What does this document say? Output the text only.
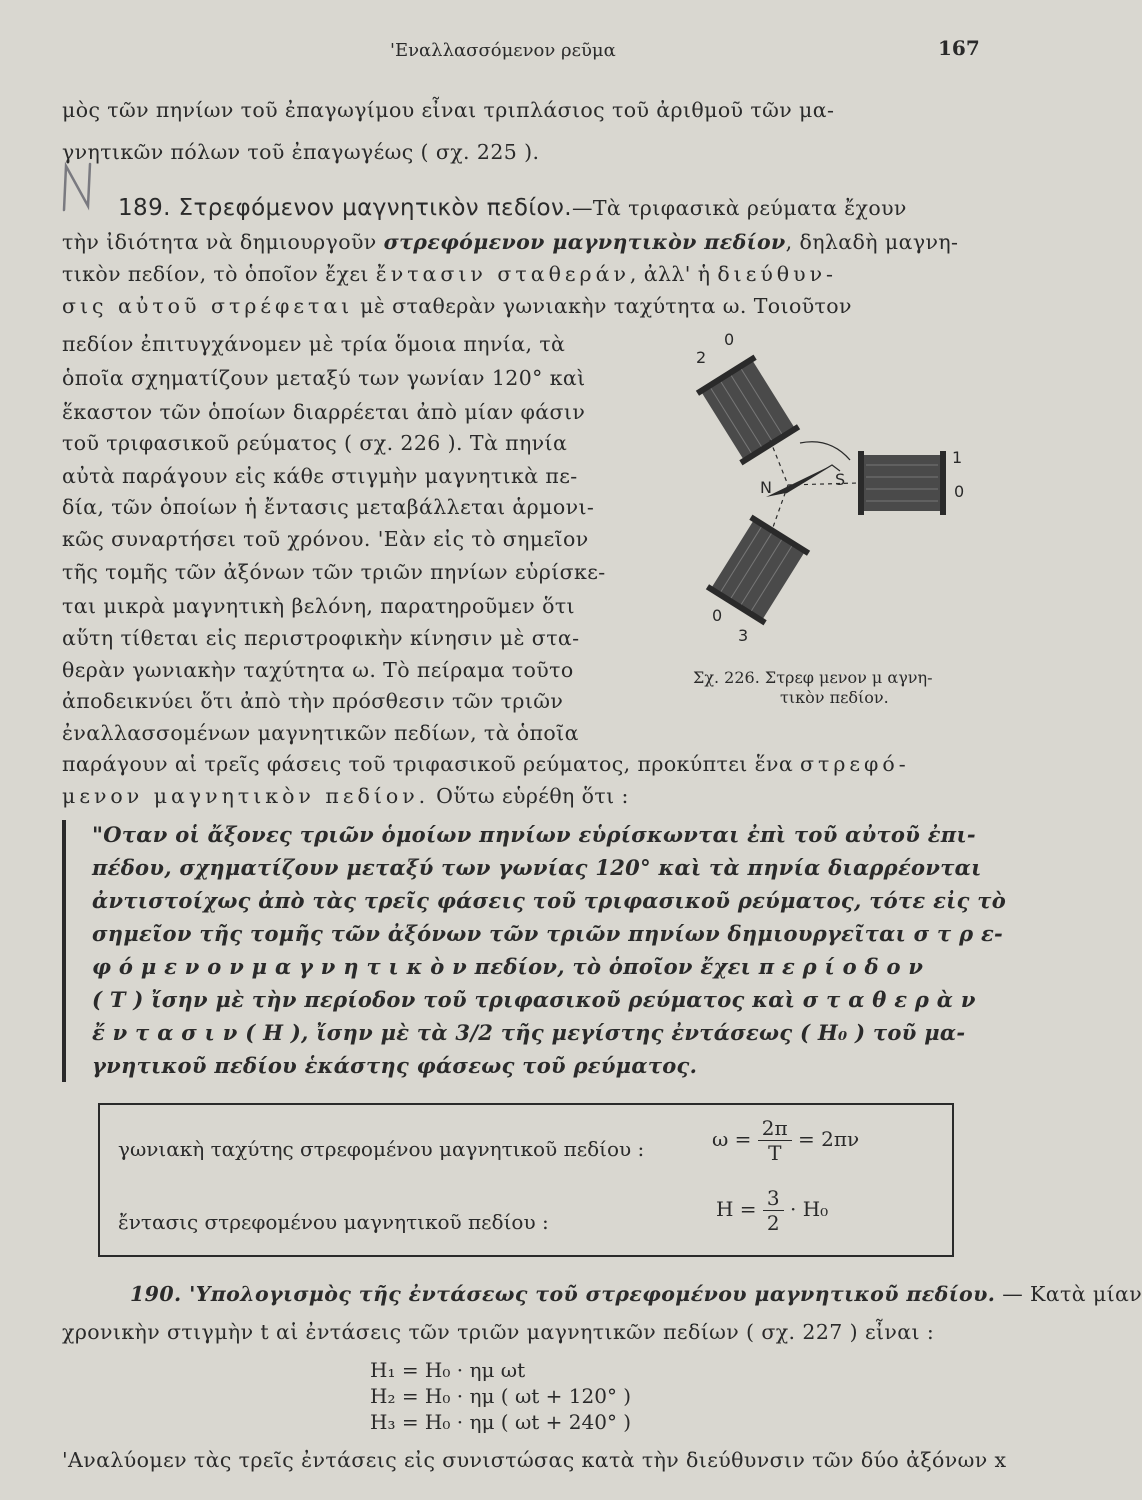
'Εναλλασσόμενον ρεῦμα	167
μὸς τῶν πηνίων τοῦ ἐπαγωγίμου εἶναι τριπλάσιος τοῦ ἀριθμοῦ τῶν μα-
γνητικῶν πόλων τοῦ ἐπαγωγέως ( σχ. 225 ).
189. Στρεφόμενον μαγνητικὸν πεδίον.—Τὰ τριφασικὰ ρεύματα ἔχουν
τὴν ἰδιότητα νὰ δημιουργοῦν στρεφόμενον μαγνητικὸν πεδίον, δηλαδὴ μαγνη-
τικὸν πεδίον, τὸ ὁποῖον ἔχει ἔντασιν σταθεράν, ἀλλ' ἡ διεύθυν-
σις αὐτοῦ στρέφεται μὲ σταθερὰν γωνιακὴν ταχύτητα ω. Τοιοῦτον
πεδίον ἐπιτυγχάνομεν μὲ τρία ὅμοια πηνία, τὰ
ὁποῖα σχηματίζουν μεταξύ των γωνίαν 120° καὶ
ἕκαστον τῶν ὁποίων διαρρέεται ἀπὸ μίαν φάσιν
τοῦ τριφασικοῦ ρεύματος ( σχ. 226 ). Τὰ πηνία
αὐτὰ παράγουν εἰς κάθε στιγμὴν μαγνητικὰ πε-
δία, τῶν ὁποίων ἡ ἔντασις μεταβάλλεται ἁρμονι-
κῶς συναρτήσει τοῦ χρόνου. 'Εὰν εἰς τὸ σημεῖον
τῆς τομῆς τῶν ἀξόνων τῶν τριῶν πηνίων εὑρίσκε-
ται μικρὰ μαγνητικὴ βελόνη, παρατηροῦμεν ὅτι
αὕτη τίθεται εἰς περιστροφικὴν κίνησιν μὲ στα-
θερὰν γωνιακὴν ταχύτητα ω. Τὸ πείραμα τοῦτο
ἀποδεικνύει ὅτι ἀπὸ τὴν πρόσθεσιν τῶν τριῶν
ἐναλλασσομένων μαγνητικῶν πεδίων, τὰ ὁποῖα
παράγουν αἱ τρεῖς φάσεις τοῦ τριφασικοῦ ρεύματος, προκύπτει ἕνα στρεφό-
μενον μαγνητικὸν πεδίον. Οὕτω εὑρέθη ὅτι :
2
0
1
0
0
3
N	S
Σχ. 226. Στρεφ μενον μ αγνη-
τικὸν πεδίον.
"Οταν οἱ ἄξονες τριῶν ὁμοίων πηνίων εὑρίσκωνται ἐπὶ τοῦ αὐτοῦ ἐπι-
πέδου, σχηματίζουν μεταξύ των γωνίας 120° καὶ τὰ πηνία διαρρέονται
ἀντιστοίχως ἀπὸ τὰς τρεῖς φάσεις τοῦ τριφασικοῦ ρεύματος, τότε εἰς τὸ
σημεῖον τῆς τομῆς τῶν ἀξόνων τῶν τριῶν πηνίων δημιουργεῖται σ τ ρ ε-
φ ό μ ε ν ο ν μ α γ ν η τ ι κ ὸ ν πεδίον, τὸ ὁποῖον ἔχει π ε ρ ί ο δ ο ν
( T ) ἴσην μὲ τὴν περίοδον τοῦ τριφασικοῦ ρεύματος καὶ σ τ α θ ε ρ ὰ ν
ἔ ν τ α σ ι ν ( H ), ἴσην μὲ τὰ 3/2 τῆς μεγίστης ἐντάσεως ( H₀ ) τοῦ μα-
γνητικοῦ πεδίου ἑκάστης φάσεως τοῦ ρεύματος.
γωνιακὴ ταχύτης στρεφομένου μαγνητικοῦ πεδίου :	$\omega = \frac{2\pi}{T} = 2\pi\nu$
ἔντασις στρεφομένου μαγνητικοῦ πεδίου :
$H = \frac{3}{2} \cdot H_0$
190. 'Υπολογισμὸς τῆς ἐντάσεως τοῦ στρεφομένου μαγνητικοῦ πεδίου. — Κατὰ μίαν
χρονικὴν στιγμὴν t αἱ ἐντάσεις τῶν τριῶν μαγνητικῶν πεδίων ( σχ. 227 ) εἶναι :
H₁ = H₀ · ημ ωt
H₂ = H₀ · ημ ( ωt + 120° )
H₃ = H₀ · ημ ( ωt + 240° )
'Αναλύομεν τὰς τρεῖς ἐντάσεις εἰς συνιστώσας κατὰ τὴν διεύθυνσιν τῶν δύο ἀξόνων x
